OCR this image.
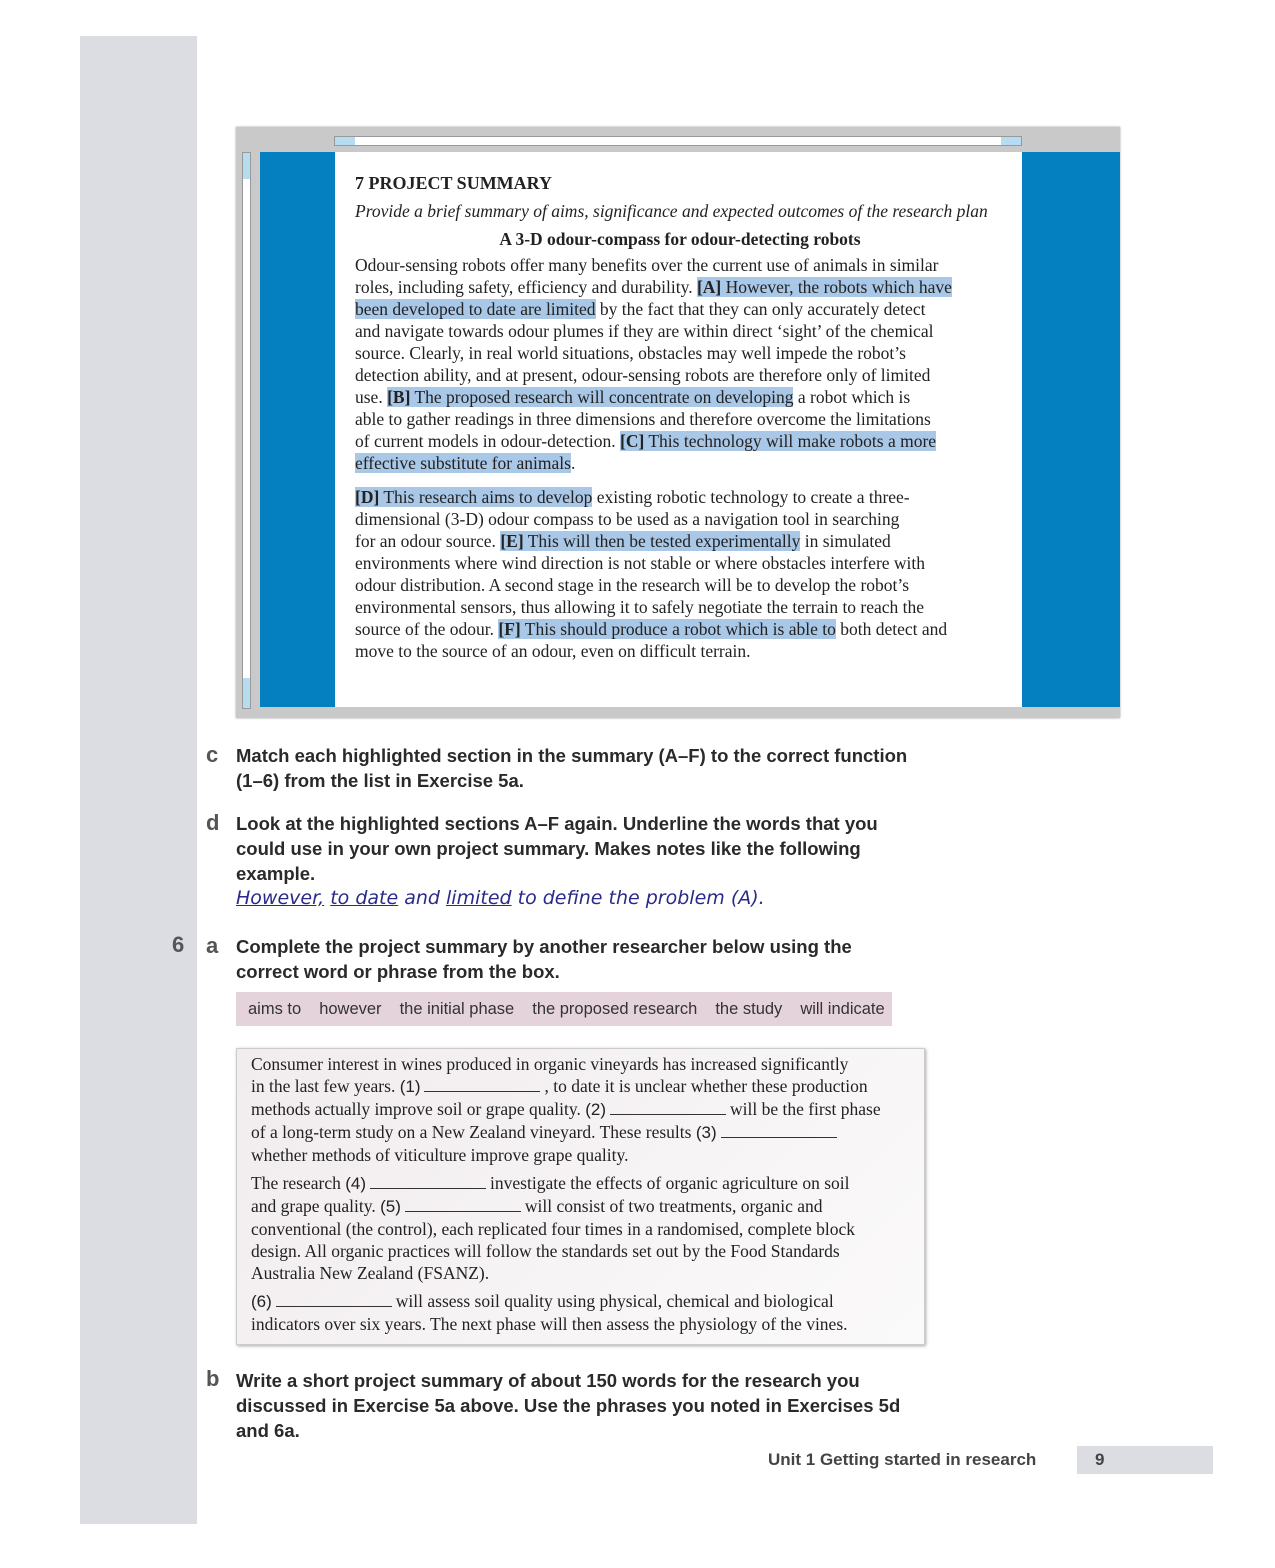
7 PROJECT SUMMARY
Provide a brief summary of aims, significance and expected outcomes of the research plan
A 3-D odour-compass for odour-detecting robots
Odour-sensing robots offer many benefits over the current use of animals in similar
roles, including safety, efficiency and durability. [A] However, the robots which have
been developed to date are limited by the fact that they can only accurately detect
and navigate towards odour plumes if they are within direct ‘sight’ of the chemical
source. Clearly, in real world situations, obstacles may well impede the robot’s
detection ability, and at present, odour-sensing robots are therefore only of limited
use. [B] The proposed research will concentrate on developing a robot which is
able to gather readings in three dimensions and therefore overcome the limitations
of current models in odour-detection. [C] This technology will make robots a more
effective substitute for animals.
[D] This research aims to develop existing robotic technology to create a three-
dimensional (3-D) odour compass to be used as a navigation tool in searching
for an odour source. [E] This will then be tested experimentally in simulated
environments where wind direction is not stable or where obstacles interfere with
odour distribution. A second stage in the research will be to develop the robot’s
environmental sensors, thus allowing it to safely negotiate the terrain to reach the
source of the odour. [F] This should produce a robot which is able to both detect and
move to the source of an odour, even on difficult terrain.
c Match each highlighted section in the summary (A–F) to the correct function (1–6) from the list in Exercise 5a.
d Look at the highlighted sections A–F again. Underline the words that you could use in your own project summary. Makes notes like the following example.
However, to date and limited to define the problem (A).
6 a Complete the project summary by another researcher below using the correct word or phrase from the box.
aims to however the initial phase the proposed research the study will indicate
Consumer interest in wines produced in organic vineyards has increased significantly
in the last few years. (1)	, to date it is unclear whether these production
methods actually improve soil or grape quality. (2)	will be the first phase
of a long-term study on a New Zealand vineyard. These results (3)
whether methods of viticulture improve grape quality.
The research (4)	investigate the effects of organic agriculture on soil
and grape quality. (5)	will consist of two treatments, organic and
conventional (the control), each replicated four times in a randomised, complete block
design. All organic practices will follow the standards set out by the Food Standards
Australia New Zealand (FSANZ).
(6)	will assess soil quality using physical, chemical and biological
indicators over six years. The next phase will then assess the physiology of the vines.
b Write a short project summary of about 150 words for the research you discussed in Exercise 5a above. Use the phrases you noted in Exercises 5d and 6a.
Unit 1 Getting started in research	9
